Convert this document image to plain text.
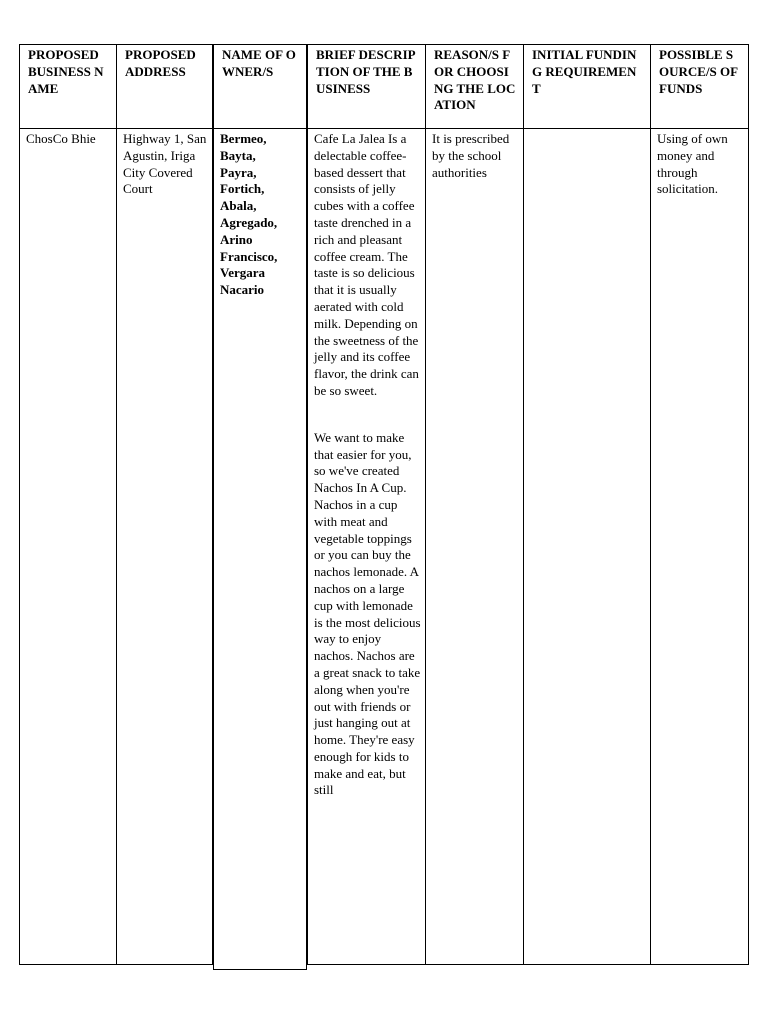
PROPOSED BUSINESS NAME
ChosCo Bhie
PROPOSED ADDRESS
Highway 1, San Agustin, Iriga City Covered Court
NAME OF OWNER/S
Bermeo,
Bayta,
Payra,
Fortich,
Abala,
Agregado,
Arino
Francisco,
Vergara
Nacario
BRIEF DESCRIPTION OF THE BUSINESS

Cafe La Jalea Is a delectable coffee-based dessert that consists of jelly cubes with a coffee taste drenched in a rich and pleasant coffee cream. The taste is so delicious that it is usually aerated with cold milk. Depending on the sweetness of the jelly and its coffee flavor, the drink can be so sweet.

We want to make that easier for you, so we've created Nachos In A Cup. Nachos in a cup with meat and vegetable toppings or you can buy the nachos lemonade. A nachos on a large cup with lemonade is the most delicious way to enjoy nachos. Nachos are a great snack to take along when you're out with friends or just hanging out at home. They're easy enough for kids to make and eat, but still

REASON/S FOR CHOOSING THE LOCATION
It is prescribed by the school authorities
INITIAL FUNDING REQUIREMENT
POSSIBLE SOURCE/S OF FUNDS
Using of own money and through solicitation.
